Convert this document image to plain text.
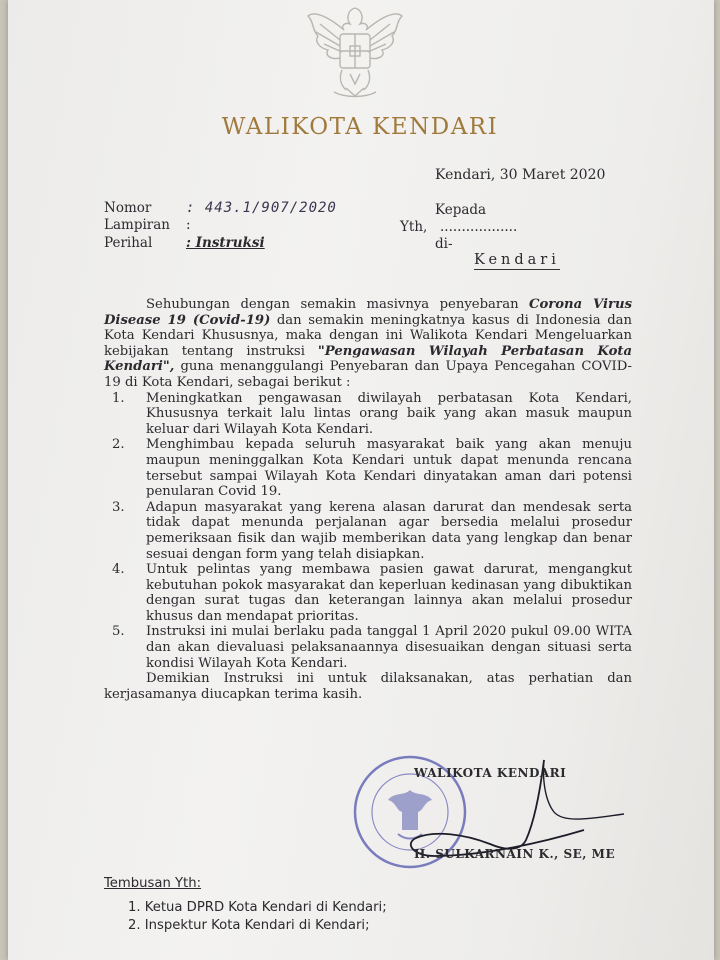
WALIKOTA KENDARI
Kendari, 30 Maret 2020
Nomor : 443.1/907/2020
Lampiran :
Perihal : Instruksi
Kepada
Yth, ..................
di-
Kendari

Sehubungan dengan semakin masivnya penyebaran Corona Virus Disease 19 (Covid-19) dan semakin meningkatnya kasus di Indonesia dan Kota Kendari Khususnya, maka dengan ini Walikota Kendari Mengeluarkan kebijakan tentang instruksi "Pengawasan Wilayah Perbatasan Kota Kendari", guna menanggulangi Penyebaran dan Upaya Pencegahan COVID-19 di Kota Kendari, sebagai berikut :

1. Meningkatkan pengawasan diwilayah perbatasan Kota Kendari, Khususnya terkait lalu lintas orang baik yang akan masuk maupun keluar dari Wilayah Kota Kendari.
2. Menghimbau kepada seluruh masyarakat baik yang akan menuju maupun meninggalkan Kota Kendari untuk dapat menunda rencana tersebut sampai Wilayah Kota Kendari dinyatakan aman dari potensi penularan Covid 19.
3. Adapun masyarakat yang kerena alasan darurat dan mendesak serta tidak dapat menunda perjalanan agar bersedia melalui prosedur pemeriksaan fisik dan wajib memberikan data yang lengkap dan benar sesuai dengan form yang telah disiapkan.
4. Untuk pelintas yang membawa pasien gawat darurat, mengangkut kebutuhan pokok masyarakat dan keperluan kedinasan yang dibuktikan dengan surat tugas dan keterangan lainnya akan melalui prosedur khusus dan mendapat prioritas.
5. Instruksi ini mulai berlaku pada tanggal 1 April 2020 pukul 09.00 WITA dan akan dievaluasi pelaksanaannya disesuaikan dengan situasi serta kondisi Wilayah Kota Kendari.

Demikian Instruksi ini untuk dilaksanakan, atas perhatian dan kerjasamanya diucapkan terima kasih.

WALIKOTA KENDARI
H. SULKARNAIN K., SE, ME
Tembusan Yth:
1. Ketua DPRD Kota Kendari di Kendari;
2. Inspektur Kota Kendari di Kendari;
